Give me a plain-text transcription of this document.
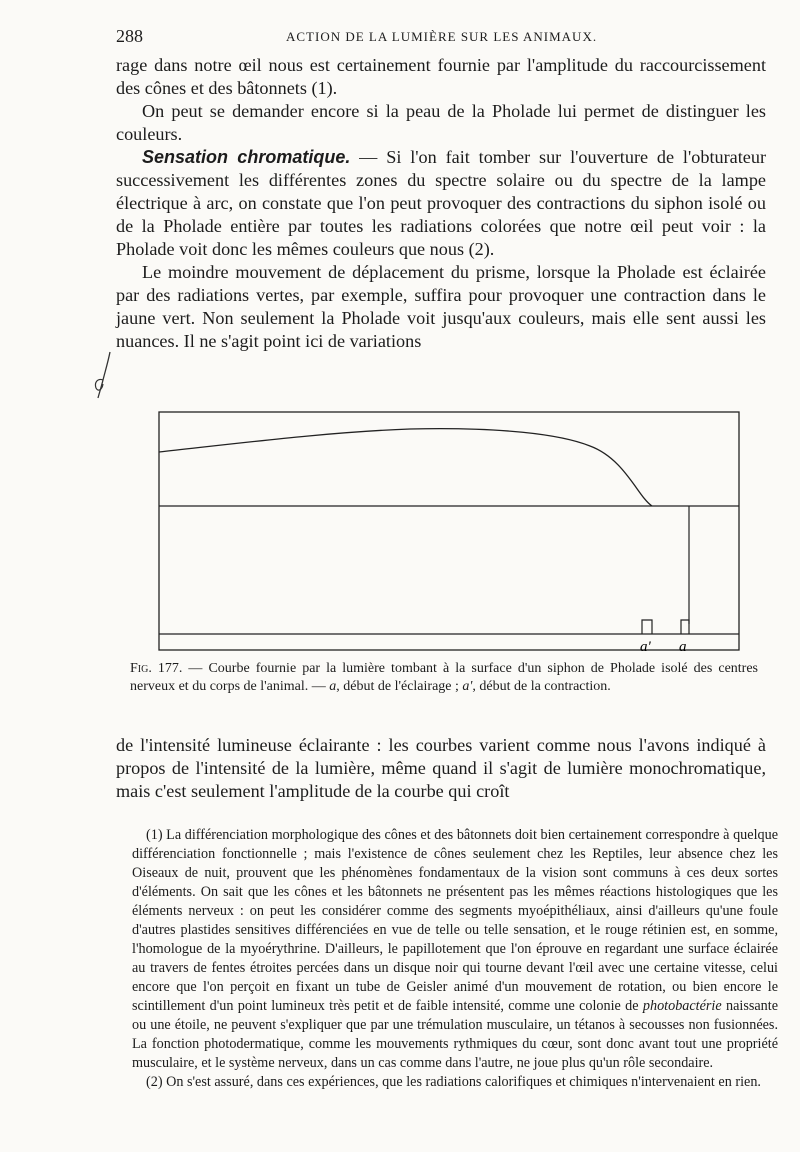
288	ACTION DE LA LUMIÈRE SUR LES ANIMAUX.

rage dans notre œil nous est certainement fournie par l'amplitude du raccourcissement des cônes et des bâtonnets (1).

On peut se demander encore si la peau de la Pholade lui permet de distinguer les couleurs.

Sensation chromatique. — Si l'on fait tomber sur l'ouverture de l'obturateur successivement les différentes zones du spectre solaire ou du spectre de la lampe électrique à arc, on constate que l'on peut provoquer des contractions du siphon isolé ou de la Pholade entière par toutes les radiations colorées que notre œil peut voir : la Pholade voit donc les mêmes couleurs que nous (2).

Le moindre mouvement de déplacement du prisme, lorsque la Pholade est éclairée par des radiations vertes, par exemple, suffira pour provoquer une contraction dans le jaune vert. Non seulement la Pholade voit jusqu'aux couleurs, mais elle sent aussi les nuances. Il ne s'agit point ici de variations

a' a
Fig. 177. — Courbe fournie par la lumière tombant à la surface d'un siphon de Pholade isolé des centres nerveux et du corps de l'animal. — a, début de l'éclairage ; a', début de la contraction.

de l'intensité lumineuse éclairante : les courbes varient comme nous l'avons indiqué à propos de l'intensité de la lumière, même quand il s'agit de lumière monochromatique, mais c'est seulement l'amplitude de la courbe qui croît

(1) La différenciation morphologique des cônes et des bâtonnets doit bien certainement correspondre à quelque différenciation fonctionnelle ; mais l'existence de cônes seulement chez les Reptiles, leur absence chez les Oiseaux de nuit, prouvent que les phénomènes fondamentaux de la vision sont communs à ces deux sortes d'éléments. On sait que les cônes et les bâtonnets ne présentent pas les mêmes réactions histologiques que les éléments nerveux : on peut les considérer comme des segments myoépithéliaux, ainsi d'ailleurs qu'une foule d'autres plastides sensitives différenciées en vue de telle ou telle sensation, et le rouge rétinien est, en somme, l'homologue de la myoérythrine. D'ailleurs, le papillotement que l'on éprouve en regardant une surface éclairée au travers de fentes étroites percées dans un disque noir qui tourne devant l'œil avec une certaine vitesse, celui encore que l'on perçoit en fixant un tube de Geisler animé d'un mouvement de rotation, ou bien encore le scintillement d'un point lumineux très petit et de faible intensité, comme une colonie de photobactérie naissante ou une étoile, ne peuvent s'expliquer que par une trémulation musculaire, un tétanos à secousses non fusionnées. La fonction photodermatique, comme les mouvements rythmiques du cœur, sont donc avant tout une propriété musculaire, et le système nerveux, dans un cas comme dans l'autre, ne joue plus qu'un rôle secondaire.

(2) On s'est assuré, dans ces expériences, que les radiations calorifiques et chimiques n'intervenaient en rien.
